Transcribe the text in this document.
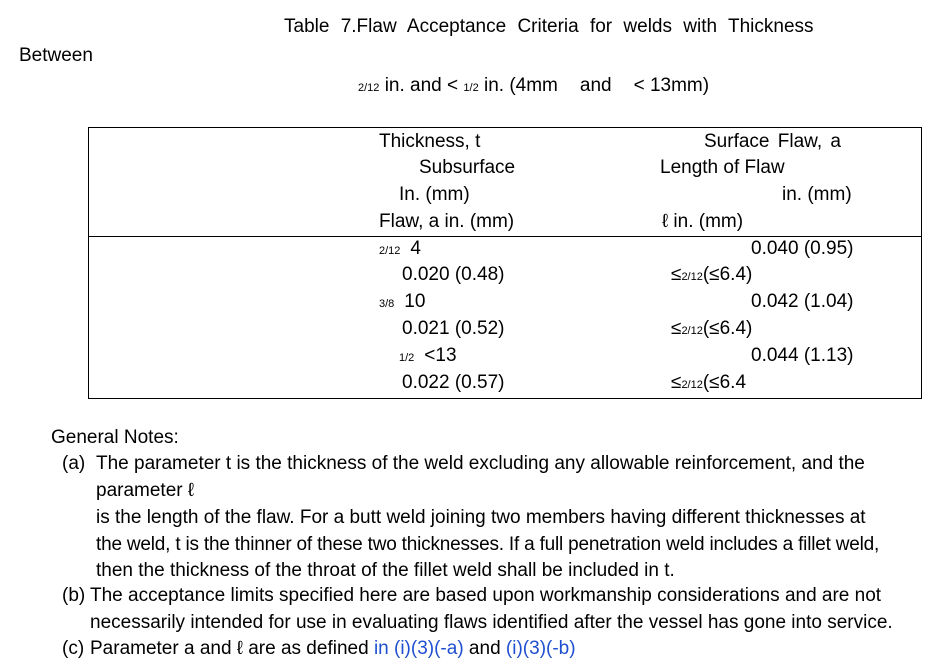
Table 7.Flaw Acceptance Criteria for welds with Thickness
Between
2/12 in. and < 1/2 in. (4mm and < 13mm)
Thickness, t
Subsurface
In. (mm)
Flaw, a in. (mm)
Surface Flaw, a
Length of Flaw
in. (mm)
ℓ in. (mm)
2/12 4
0.020 (0.48)
0.040 (0.95)
≤2/12(≤6.4)
3/8 10
0.021 (0.52)
0.042 (1.04)
≤2/12(≤6.4)
1/2 <13
0.022 (0.57)
0.044 (1.13)
≤2/12(≤6.4
General Notes:
(a) The parameter t is the thickness of the weld excluding any allowable reinforcement, and the
parameter ℓ
is the length of the flaw. For a butt weld joining two members having different thicknesses at
the weld, t is the thinner of these two thicknesses. If a full penetration weld includes a fillet weld,
then the thickness of the throat of the fillet weld shall be included in t.
(b) The acceptance limits specified here are based upon workmanship considerations and are not
necessarily intended for use in evaluating flaws identified after the vessel has gone into service.
(c) Parameter a and ℓ are as defined in (i)(3)(-a) and (i)(3)(-b)
